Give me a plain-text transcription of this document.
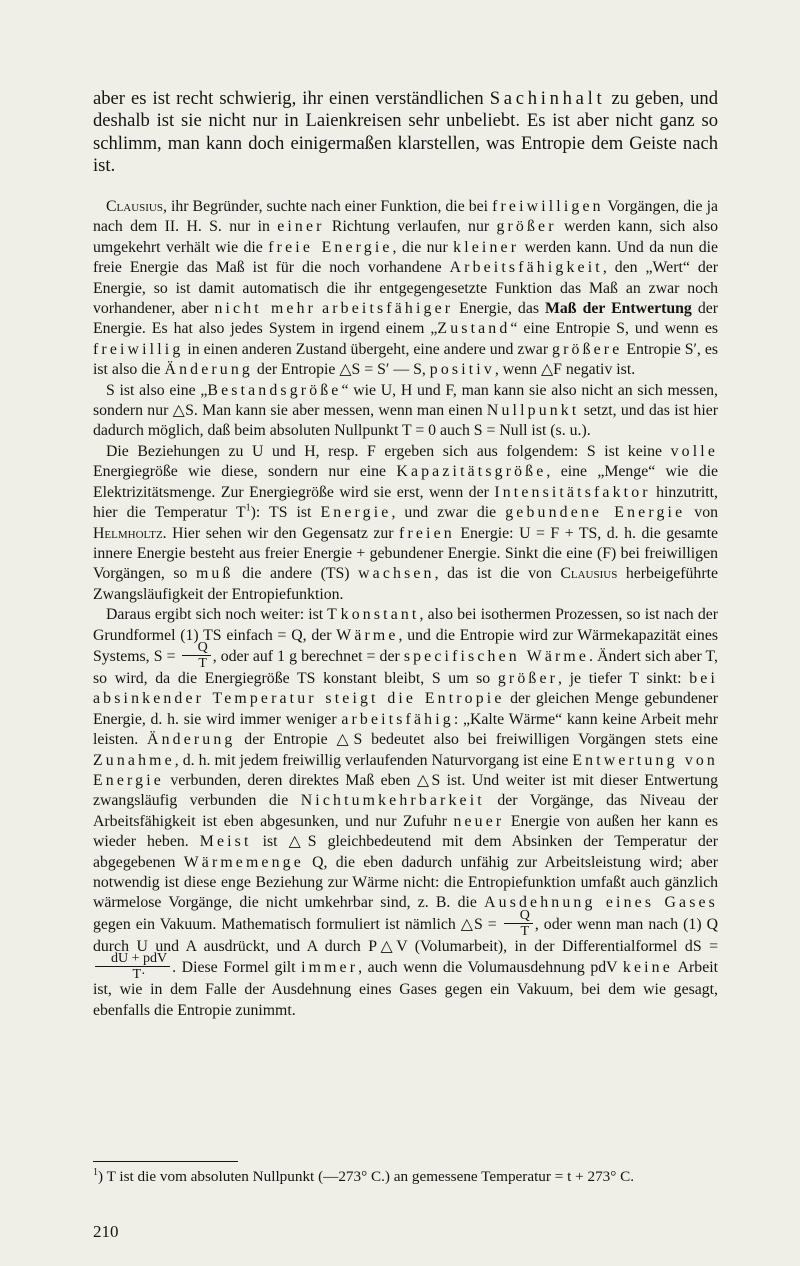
aber es ist recht schwierig, ihr einen verständlichen Sachinhalt zu geben, und deshalb ist sie nicht nur in Laienkreisen sehr unbeliebt. Es ist aber nicht ganz so schlimm, man kann doch einigermaßen klarstellen, was Entropie dem Geiste nach ist.

Clausius, ihr Begründer, suchte nach einer Funktion, die bei freiwilligen Vorgängen, die ja nach dem II. H. S. nur in einer Richtung verlaufen, nur größer werden kann, sich also umgekehrt verhält wie die freie Energie, die nur kleiner werden kann. Und da nun die freie Energie das Maß ist für die noch vorhandene Arbeitsfähigkeit, den „Wert“ der Energie, so ist damit automatisch die ihr entgegengesetzte Funktion das Maß an zwar noch vorhandener, aber nicht mehr arbeitsfähiger Energie, das Maß der Entwertung der Energie. Es hat also jedes System in irgend einem „Zustand“ eine Entropie S, und wenn es freiwillig in einen anderen Zustand übergeht, eine andere und zwar größere Entropie S′, es ist also die Änderung der Entropie △S = S′ — S, positiv, wenn △F negativ ist.

S ist also eine „Bestandsgröße“ wie U, H und F, man kann sie also nicht an sich messen, sondern nur △S. Man kann sie aber messen, wenn man einen Nullpunkt setzt, und das ist hier dadurch möglich, daß beim absoluten Nullpunkt T = 0 auch S = Null ist (s. u.).

Die Beziehungen zu U und H, resp. F ergeben sich aus folgendem: S ist keine volle Energiegröße wie diese, sondern nur eine Kapazitätsgröße, eine „Menge“ wie die Elektrizitätsmenge. Zur Energiegröße wird sie erst, wenn der Intensitätsfaktor hinzutritt, hier die Temperatur $T^1$): TS ist Energie, und zwar die gebundene Energie von Helmholtz. Hier sehen wir den Gegensatz zur freien Energie: U = F + TS, d. h. die gesamte innere Energie besteht aus freier Energie + gebundener Energie. Sinkt die eine (F) bei freiwilligen Vorgängen, so muß die andere (TS) wachsen, das ist die von Clausius herbeigeführte Zwangsläufigkeit der Entropiefunktion.

Daraus ergibt sich noch weiter: ist T konstant, also bei isothermen Prozessen, so ist nach der Grundformel (1) TS einfach = Q, der Wärme, und die Entropie wird zur Wärmekapazität eines Systems, $S = \frac{Q}{T}$ , oder auf 1 g berechnet = der specifischen Wärme. Ändert sich aber T, so wird, da die Energiegröße TS konstant bleibt, S um so größer, je tiefer T sinkt: bei absinkender Temperatur steigt die Entropie der gleichen Menge gebundener Energie, d. h. sie wird immer weniger arbeitsfähig: „Kalte Wärme“ kann keine Arbeit mehr leisten. Änderung der Entropie △S bedeutet also bei freiwilligen Vorgängen stets eine Zunahme, d. h. mit jedem freiwillig verlaufenden Naturvorgang ist eine Entwertung von Energie verbunden, deren direktes Maß eben △S ist. Und weiter ist mit dieser Entwertung zwangsläufig verbunden die Nichtumkehrbarkeit der Vorgänge, das Niveau der Arbeitsfähigkeit ist eben abgesunken, und nur Zufuhr neuer Energie von außen her kann es wieder heben. Meist ist △S gleichbedeutend mit dem Absinken der Temperatur der abgegebenen Wärmemenge Q, die eben dadurch unfähig zur Arbeitsleistung wird; aber notwendig ist diese enge Beziehung zur Wärme nicht: die Entropiefunktion umfaßt auch gänzlich wärmelose Vorgänge, die nicht umkehrbar sind, z. B. die Ausdehnung eines Gases gegen ein Vakuum. Mathematisch formuliert ist nämlich △S = $\frac{Q}{T}$ , oder wenn man nach (1) Q durch U und A ausdrückt, und A durch P△V (Volumarbeit), in der Differentialformel dS =
$\frac{\text{dU + pdV}}{T\cdot}$ . Diese Formel gilt immer, auch wenn die Volumausdehnung pdV keine Arbeit ist, wie in dem Falle der Ausdehnung eines Gases gegen ein Vakuum, bei dem wie gesagt, ebenfalls die Entropie zunimmt.

$^1$) T ist die vom absoluten Nullpunkt (—273° C.) an gemessene Temperatur = t + 273° C.
210
